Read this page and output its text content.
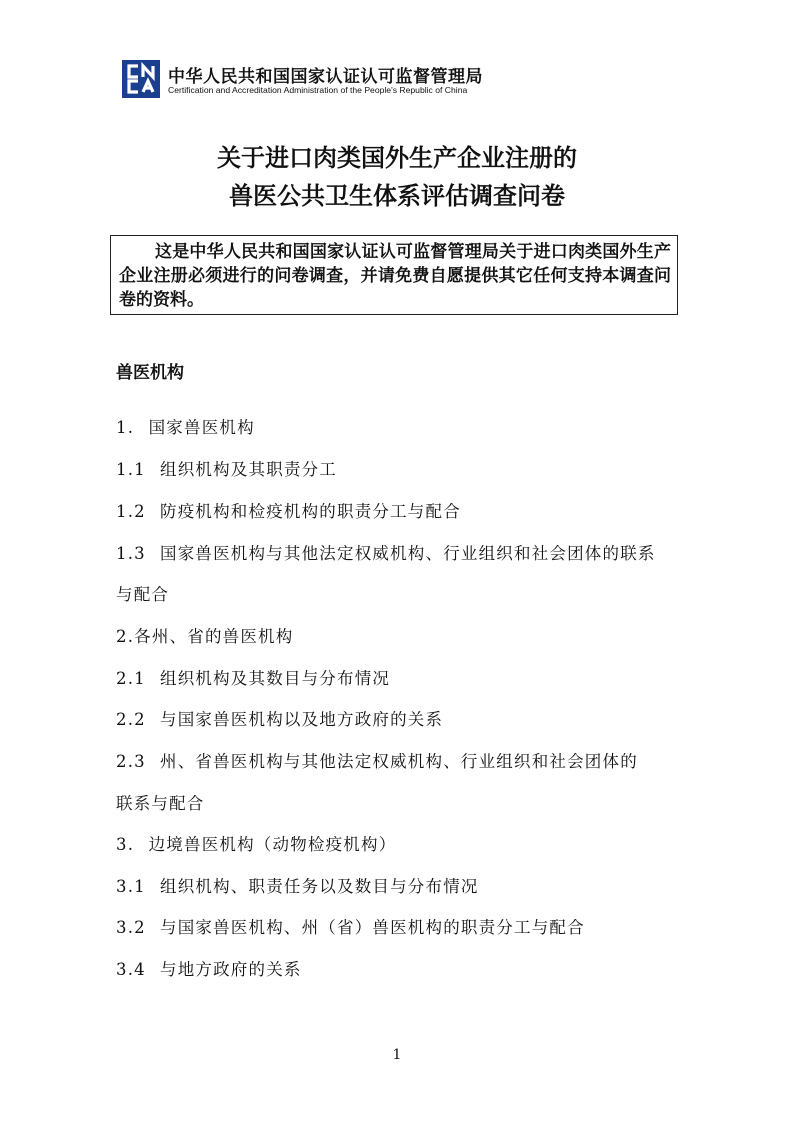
中华人民共和国国家认证认可监督管理局
Certification and Accreditation Administration of the People's Republic of China
关于进口肉类国外生产企业注册的
兽医公共卫生体系评估调查问卷
这是中华人民共和国国家认证认可监督管理局关于进口肉类国外生产企业注册必须进行的问卷调查，并请免费自愿提供其它任何支持本调查问卷的资料。
兽医机构
1. 国家兽医机构
1.1 组织机构及其职责分工
1.2 防疫机构和检疫机构的职责分工与配合
1.3 国家兽医机构与其他法定权威机构、行业组织和社会团体的联系
与配合
2.各州、省的兽医机构
2.1 组织机构及其数目与分布情况
2.2 与国家兽医机构以及地方政府的关系
2.3 州、省兽医机构与其他法定权威机构、行业组织和社会团体的
联系与配合
3. 边境兽医机构（动物检疫机构）
3.1 组织机构、职责任务以及数目与分布情况
3.2 与国家兽医机构、州（省）兽医机构的职责分工与配合
3.4 与地方政府的关系
1
